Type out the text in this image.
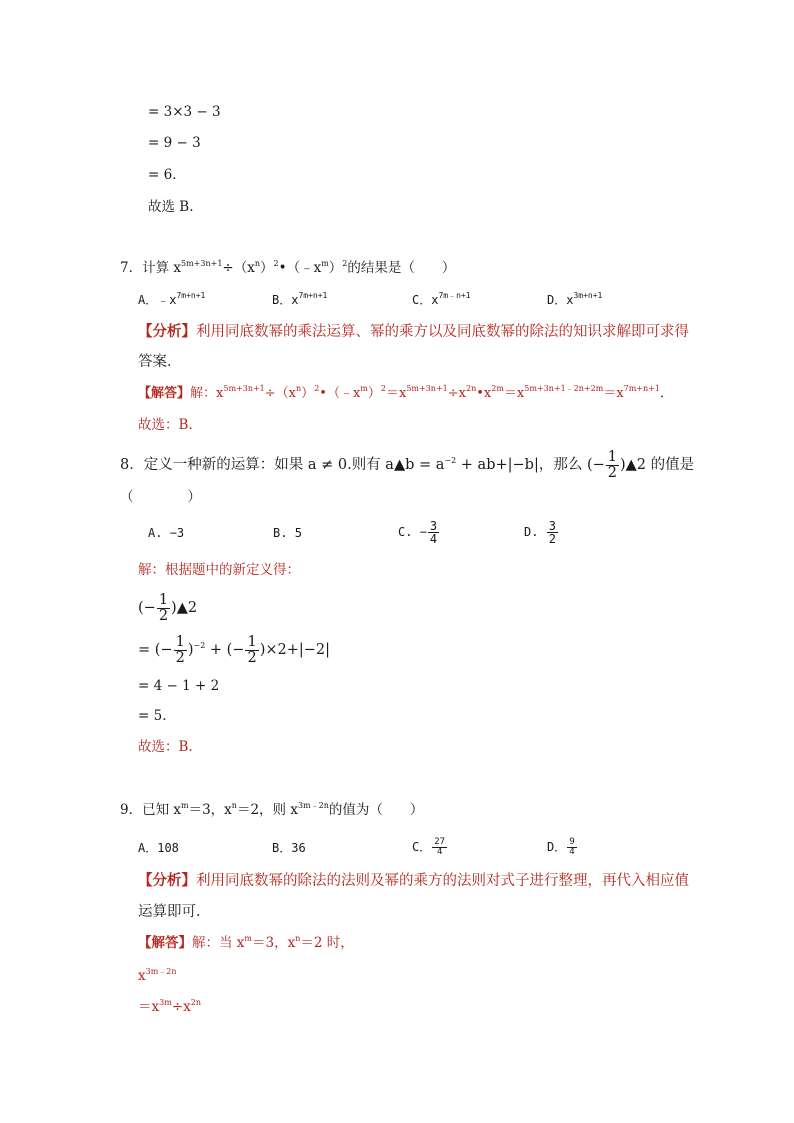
= 3×3 − 3
= 9 − 3
= 6.
故选 B.
7．计算 $x^{5m+3n+1}\div(x^n)^2•(﹣x^m)^2$的结果是（　　）
A．$﹣x^{7m+n+1}$	B．$x^{7m+n+1}$	C．$x^{7m﹣n+1}$	D．$x^{3m+n+1}$
【分析】利用同底数幂的乘法运算、幂的乘方以及同底数幂的除法的知识求解即可求得
答案．
【解答】解：$x^{5m+3n+1}\div(x^n)^2•(﹣x^m)^2=x^{5m+3n+1}\div x^{2n}•x^{2m}=x^{5m+3n+1﹣2n+2m}=x^{7m+n+1}$．
故选：B.
8．定义一种新的运算：如果 a ≠ 0.则有 a▲b = $a^{-2} + ab+|-b|$，那么 (− $\frac{1}{2}$ )▲2 的值是
（　　　　）
A. −3	B. 5	C. − $\frac{3}{4}$	D. $\frac{3}{2}$
解：根据题中的新定义得：
(− $\frac{1}{2}$ )▲2
= (− $\frac{1}{2} )^{-2}$ + (− $\frac{1}{2} )\times 2+|-2|$
= 4 − 1 + 2
= 5.
故选：B.
9．已知 $x^m=3$，$x^n=2$，则 $x^{3m﹣2n}$的值为（　　）
A．108	B．36	C． $\frac{27}{4}$	D． $\frac{9}{4}$
【分析】利用同底数幂的除法的法则及幂的乘方的法则对式子进行整理，再代入相应值
运算即可．
【解答】解：当 $x^m=3$，$x^n=2$ 时，
$x^{3m﹣2n}$
$=x^{3m}\div x^{2n}$
